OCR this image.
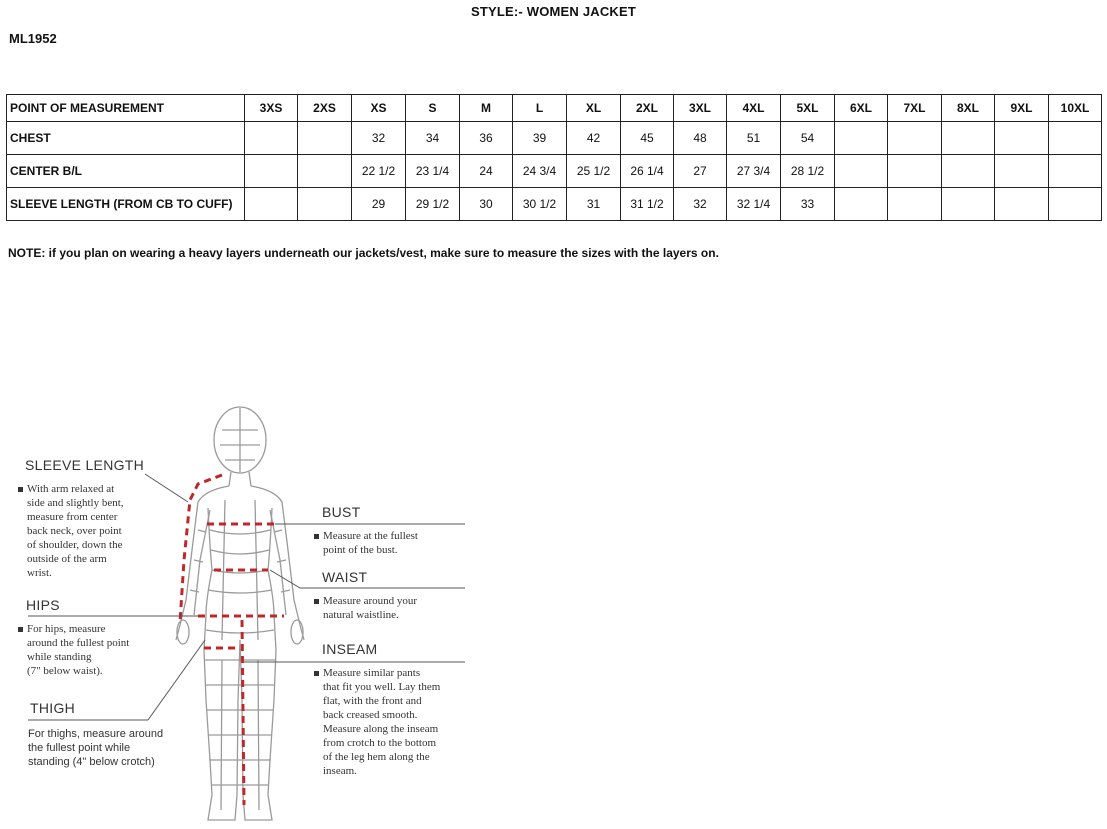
STYLE:- WOMEN JACKET
ML1952
POINT OF MEASUREMENT	3XS	2XS	XS	S	M	L	XL	2XL	3XL	4XL	5XL	6XL	7XL	8XL	9XL	10XL
CHEST			32	34	36	39	42	45	48	51	54					
CENTER B/L			22 1/2	23 1/4	24	24 3/4	25 1/2	26 1/4	27	27 3/4	28 1/2					
SLEEVE LENGTH (FROM CB TO CUFF)			29	29 1/2	30	30 1/2	31	31 1/2	32	32 1/4	33					
NOTE: if you plan on wearing a heavy layers underneath our jackets/vest, make sure to measure the sizes with the layers on.
SLEEVE LENGTH
With arm relaxed at
side and slightly bent,
measure from center
back neck, over point
of shoulder, down the
outside of the arm
wrist.
HIPS
For hips, measure
around the fullest point
while standing
(7" below waist).
THIGH
For thighs, measure around
the fullest point while
standing (4" below crotch)
BUST
Measure at the fullest
point of the bust.
WAIST
Measure around your
natural waistline.
INSEAM
Measure similar pants
that fit you well. Lay them
flat, with the front and
back creased smooth.
Measure along the inseam
from crotch to the bottom
of the leg hem along the
inseam.
